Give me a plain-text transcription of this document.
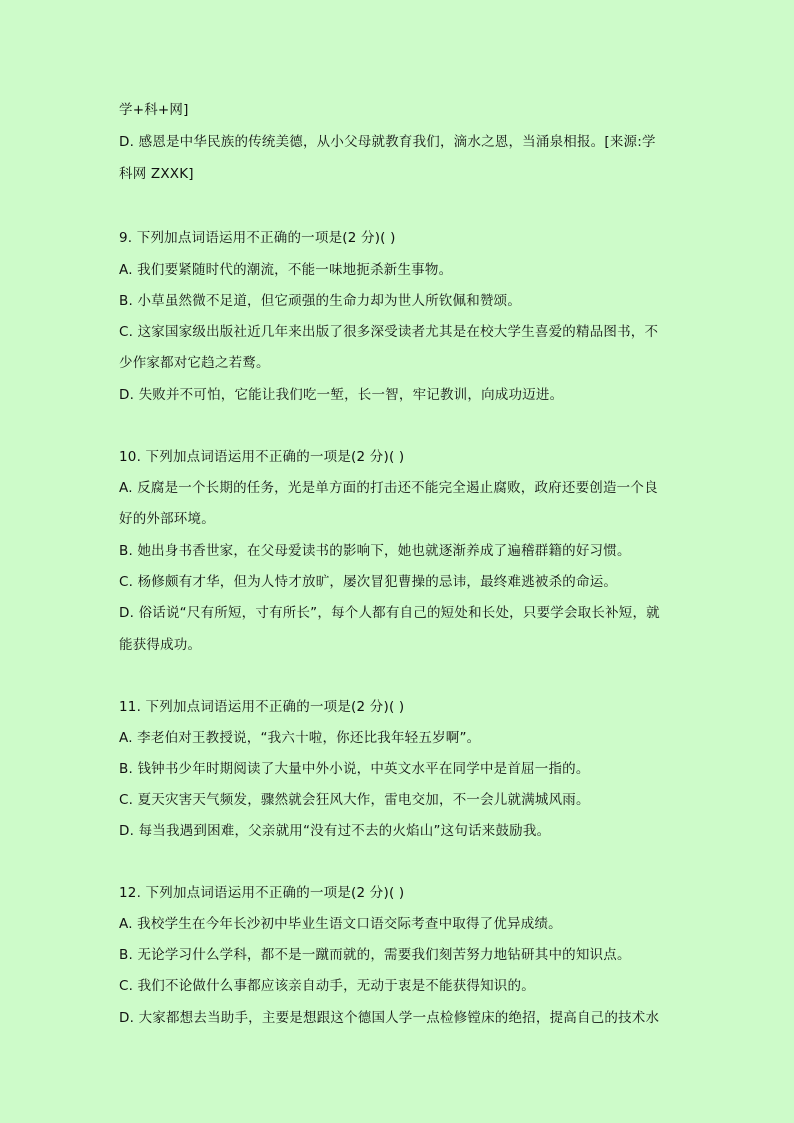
学+科+网]
D. 感恩是中华民族的传统美德，从小父母就教育我们，滴水之恩，当涌泉相报。[来源:学
科网 ZXXK]
9. 下列加点词语运用不正确的一项是(2 分)( )
A. 我们要紧随时代的潮流，不能一味地扼杀新生事物。
B. 小草虽然微不足道，但它顽强的生命力却为世人所钦佩和赞颂。
C. 这家国家级出版社近几年来出版了很多深受读者尤其是在校大学生喜爱的精品图书，不
少作家都对它趋之若鹜。
D. 失败并不可怕，它能让我们吃一堑，长一智，牢记教训，向成功迈进。
10. 下列加点词语运用不正确的一项是(2 分)( )
A. 反腐是一个长期的任务，光是单方面的打击还不能完全遏止腐败，政府还要创造一个良
好的外部环境。
B. 她出身书香世家，在父母爱读书的影响下，她也就逐渐养成了遍稽群籍的好习惯。
C. 杨修颇有才华，但为人恃才放旷，屡次冒犯曹操的忌讳，最终难逃被杀的命运。
D. 俗话说“尺有所短，寸有所长”，每个人都有自己的短处和长处，只要学会取长补短，就
能获得成功。
11. 下列加点词语运用不正确的一项是(2 分)( )
A. 李老伯对王教授说，“我六十啦，你还比我年轻五岁啊”。
B. 钱钟书少年时期阅读了大量中外小说，中英文水平在同学中是首屈一指的。
C. 夏天灾害天气频发，骤然就会狂风大作，雷电交加，不一会儿就满城风雨。
D. 每当我遇到困难，父亲就用“没有过不去的火焰山”这句话来鼓励我。
12. 下列加点词语运用不正确的一项是(2 分)( )
A. 我校学生在今年长沙初中毕业生语文口语交际考查中取得了优异成绩。
B. 无论学习什么学科，都不是一蹴而就的，需要我们刻苦努力地钻研其中的知识点。
C. 我们不论做什么事都应该亲自动手，无动于衷是不能获得知识的。
D. 大家都想去当助手，主要是想跟这个德国人学一点检修镗床的绝招，提高自己的技术水
